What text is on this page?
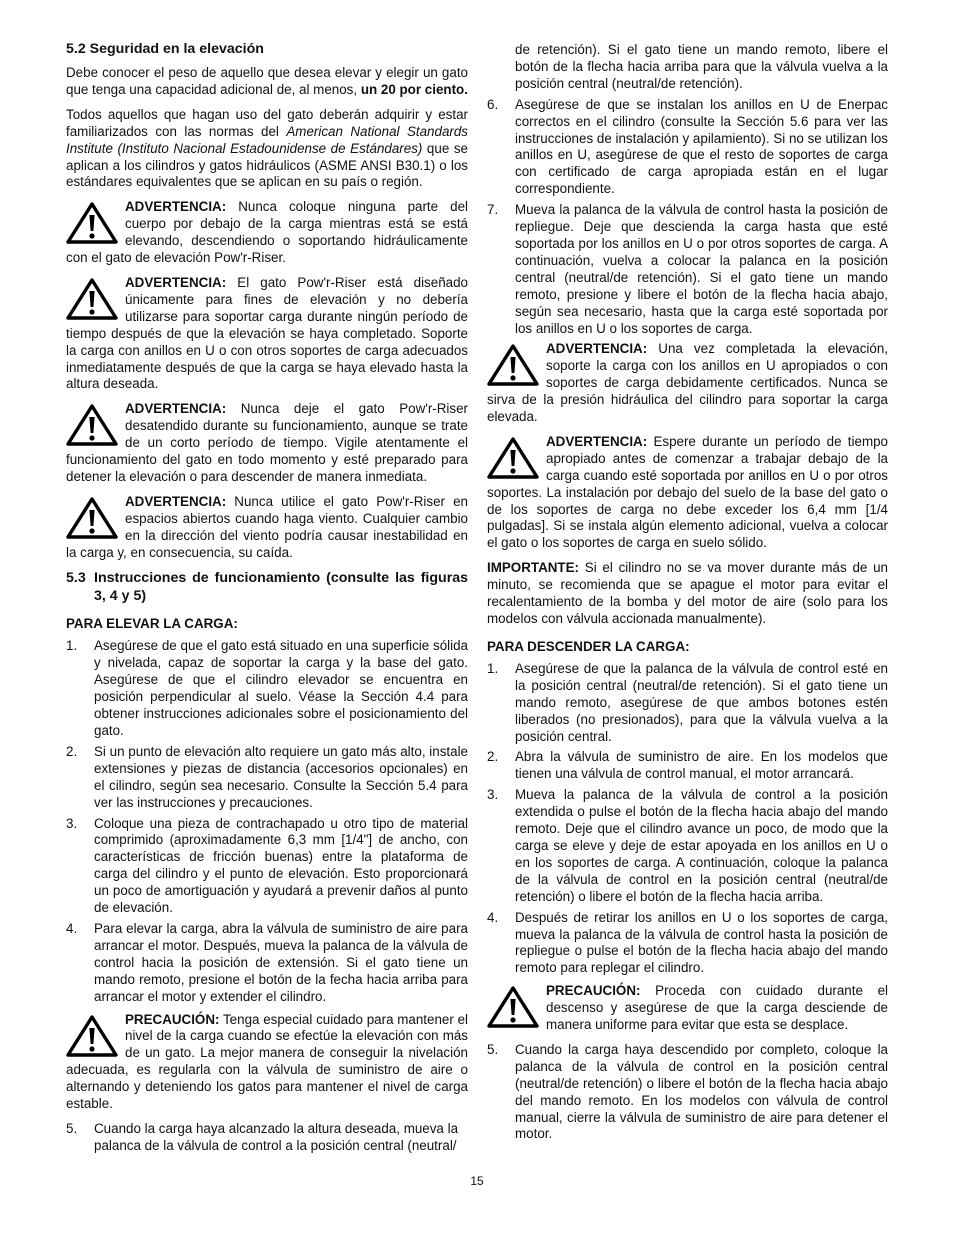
5.2 Seguridad en la elevación

Debe conocer el peso de aquello que desea elevar y elegir un gato que tenga una capacidad adicional de, al menos, un 20 por ciento.

Todos aquellos que hagan uso del gato deberán adquirir y estar familiarizados con las normas del American National Standards Institute (Instituto Nacional Estadounidense de Estándares) que se aplican a los cilindros y gatos hidráulicos (ASME ANSI B30.1) o los estándares equivalentes que se aplican en su país o región.

ADVERTENCIA: Nunca coloque ninguna parte del cuerpo por debajo de la carga mientras está se está elevando, descendiendo o soportando hidráulicamente con el gato de elevación Pow'r-Riser.
ADVERTENCIA: El gato Pow'r-Riser está diseñado únicamente para fines de elevación y no debería utilizarse para soportar carga durante ningún período de tiempo después de que la elevación se haya completado. Soporte la carga con anillos en U o con otros soportes de carga adecuados inmediatamente después de que la carga se haya elevado hasta la altura deseada.
ADVERTENCIA: Nunca deje el gato Pow'r-Riser desatendido durante su funcionamiento, aunque se trate de un corto período de tiempo. Vigile atentamente el funcionamiento del gato en todo momento y esté preparado para detener la elevación o para descender de manera inmediata.
ADVERTENCIA: Nunca utilice el gato Pow'r-Riser en espacios abiertos cuando haga viento. Cualquier cambio en la dirección del viento podría causar inestabilidad en la carga y, en consecuencia, su caída.
5.3 Instrucciones de funcionamiento (consulte las figuras 3, 4 y 5)
PARA ELEVAR LA CARGA:
1.	Asegúrese de que el gato está situado en una superficie sólida y nivelada, capaz de soportar la carga y la base del gato. Asegúrese de que el cilindro elevador se encuentra en posición perpendicular al suelo. Véase la Sección 4.4 para obtener instrucciones adicionales sobre el posicionamiento del gato.
2.	Si un punto de elevación alto requiere un gato más alto, instale extensiones y piezas de distancia (accesorios opcionales) en el cilindro, según sea necesario. Consulte la Sección 5.4 para ver las instrucciones y precauciones.
3.	Coloque una pieza de contrachapado u otro tipo de material comprimido (aproximadamente 6,3 mm [1/4"] de ancho, con características de fricción buenas) entre la plataforma de carga del cilindro y el punto de elevación. Esto proporcionará un poco de amortiguación y ayudará a prevenir daños al punto de elevación.
4.	Para elevar la carga, abra la válvula de suministro de aire para arrancar el motor. Después, mueva la palanca de la válvula de control hacia la posición de extensión. Si el gato tiene un mando remoto, presione el botón de la fecha hacia arriba para arrancar el motor y extender el cilindro.
PRECAUCIÓN: Tenga especial cuidado para mantener el nivel de la carga cuando se efectúe la elevación con más de un gato. La mejor manera de conseguir la nivelación adecuada, es regularla con la válvula de suministro de aire o alternando y deteniendo los gatos para mantener el nivel de carga estable.
5.	Cuando la carga haya alcanzado la altura deseada, mueva la palanca de la válvula de control a la posición central (neutral/

de retención). Si el gato tiene un mando remoto, libere el botón de la flecha hacia arriba para que la válvula vuelva a la posición central (neutral/de retención).

6.	Asegúrese de que se instalan los anillos en U de Enerpac correctos en el cilindro (consulte la Sección 5.6 para ver las instrucciones de instalación y apilamiento). Si no se utilizan los anillos en U, asegúrese de que el resto de soportes de carga con certificado de carga apropiada están en el lugar correspondiente.
7.	Mueva la palanca de la válvula de control hasta la posición de repliegue. Deje que descienda la carga hasta que esté soportada por los anillos en U o por otros soportes de carga. A continuación, vuelva a colocar la palanca en la posición central (neutral/de retención). Si el gato tiene un mando remoto, presione y libere el botón de la flecha hacia abajo, según sea necesario, hasta que la carga esté soportada por los anillos en U o los soportes de carga.
ADVERTENCIA: Una vez completada la elevación, soporte la carga con los anillos en U apropiados o con soportes de carga debidamente certificados. Nunca se sirva de la presión hidráulica del cilindro para soportar la carga elevada.
ADVERTENCIA: Espere durante un período de tiempo apropiado antes de comenzar a trabajar debajo de la carga cuando esté soportada por anillos en U o por otros soportes. La instalación por debajo del suelo de la base del gato o de los soportes de carga no debe exceder los 6,4 mm [1/4 pulgadas]. Si se instala algún elemento adicional, vuelva a colocar el gato o los soportes de carga en suelo sólido.

IMPORTANTE: Si el cilindro no se va mover durante más de un minuto, se recomienda que se apague el motor para evitar el recalentamiento de la bomba y del motor de aire (solo para los modelos con válvula accionada manualmente).

PARA DESCENDER LA CARGA:
1.	Asegúrese de que la palanca de la válvula de control esté en la posición central (neutral/de retención). Si el gato tiene un mando remoto, asegúrese de que ambos botones estén liberados (no presionados), para que la válvula vuelva a la posición central.
2.	Abra la válvula de suministro de aire. En los modelos que tienen una válvula de control manual, el motor arrancará.
3.	Mueva la palanca de la válvula de control a la posición extendida o pulse el botón de la flecha hacia abajo del mando remoto. Deje que el cilindro avance un poco, de modo que la carga se eleve y deje de estar apoyada en los anillos en U o en los soportes de carga. A continuación, coloque la palanca de la válvula de control en la posición central (neutral/de retención) o libere el botón de la flecha hacia arriba.
4.	Después de retirar los anillos en U o los soportes de carga, mueva la palanca de la válvula de control hasta la posición de repliegue o pulse el botón de la flecha hacia abajo del mando remoto para replegar el cilindro.
PRECAUCIÓN: Proceda con cuidado durante el descenso y asegúrese de que la carga desciende de manera uniforme para evitar que esta se desplace.
5.	Cuando la carga haya descendido por completo, coloque la palanca de la válvula de control en la posición central (neutral/de retención) o libere el botón de la flecha hacia abajo del mando remoto. En los modelos con válvula de control manual, cierre la válvula de suministro de aire para detener el motor.
15
